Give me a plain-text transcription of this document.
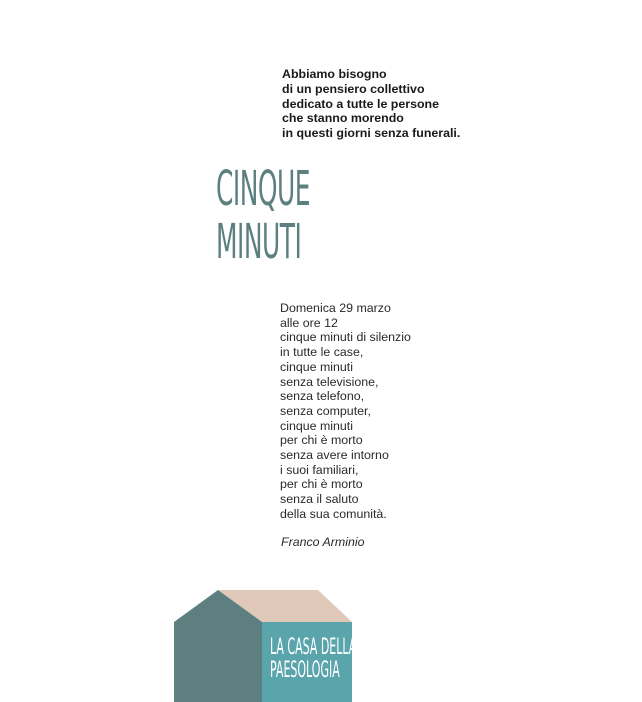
Abbiamo bisogno
di un pensiero collettivo
dedicato a tutte le persone
che stanno morendo
in questi giorni senza funerali.
CINQUE
MINUTI
Domenica 29 marzo
alle ore 12
cinque minuti di silenzio
in tutte le case,
cinque minuti
senza televisione,
senza telefono,
senza computer,
cinque minuti
per chi è morto
senza avere intorno
i suoi familiari,
per chi è morto
senza il saluto
della sua comunità.
Franco Arminio
LA CASA DELLA
PAESOLOGIA
